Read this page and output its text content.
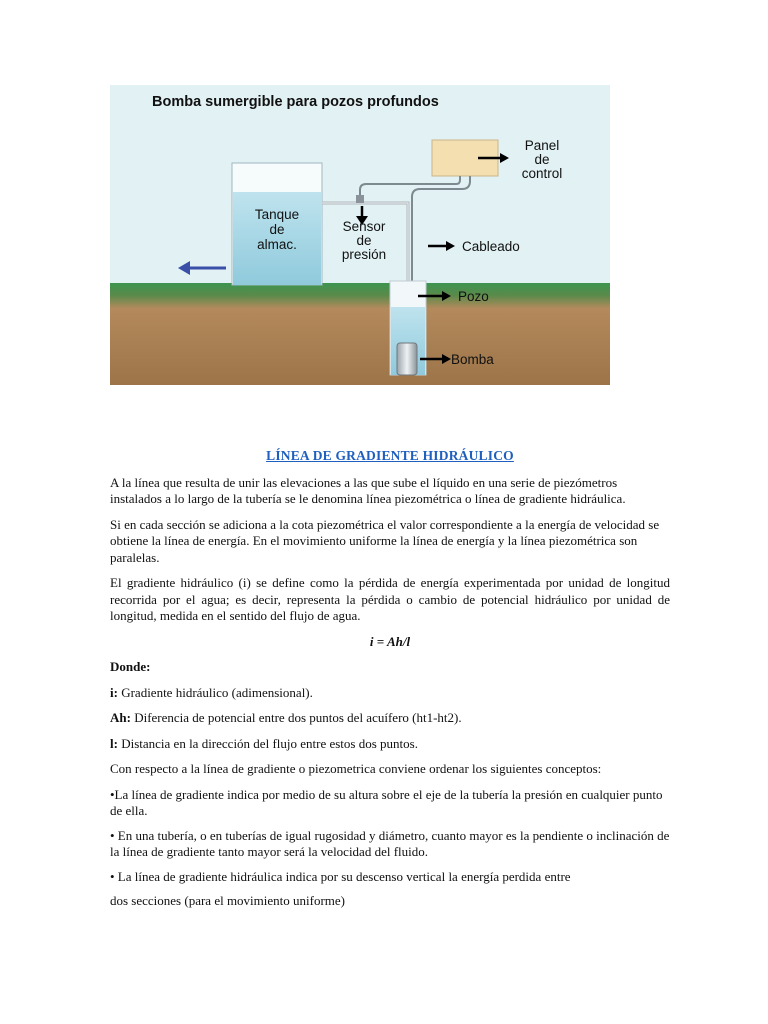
Bomba sumergible para pozos profundos
Tanque
de
almac.
Sensor
de
presión
Panel
de
control
Cableado
Pozo
Bomba
LÍNEA DE GRADIENTE HIDRÁULICO

A la línea que resulta de unir las elevaciones a las que sube el líquido en una serie de piezómetros instalados a lo largo de la tubería se le denomina línea piezométrica o línea de gradiente hidráulica.

Si en cada sección se adiciona a la cota piezométrica el valor correspondiente a la energía de velocidad se obtiene la línea de energía. En el movimiento uniforme la línea de energía y la línea piezométrica son paralelas.

El gradiente hidráulico (i) se define como la pérdida de energía experimentada por unidad de longitud recorrida por el agua; es decir, representa la pérdida o cambio de potencial hidráulico por unidad de longitud, medida en el sentido del flujo de agua.

i = Ah/l

Donde:

i: Gradiente hidráulico (adimensional).

Ah: Diferencia de potencial entre dos puntos del acuífero (ht1-ht2).

l: Distancia en la dirección del flujo entre estos dos puntos.

Con respecto a la línea de gradiente o piezometrica conviene ordenar los siguientes conceptos:

•La línea de gradiente indica por medio de su altura sobre el eje de la tubería la presión en cualquier punto de ella.

• En una tubería, o en tuberías de igual rugosidad y diámetro, cuanto mayor es la pendiente o inclinación de la línea de gradiente tanto mayor será la velocidad del fluido.

• La línea de gradiente hidráulica indica por su descenso vertical la energía perdida entre

dos secciones (para el movimiento uniforme)
